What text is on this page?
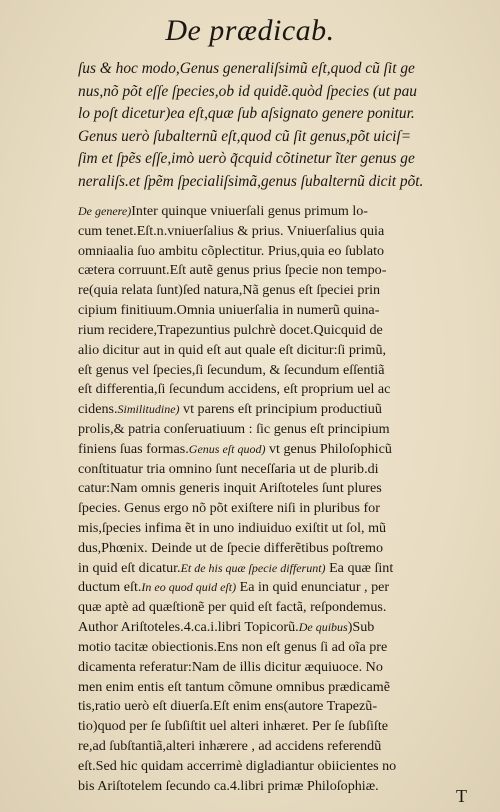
De prædicab.
ſus & hoc modo,Genus generaliſsimũ eſt,quod cũ ſit ge
nus,nõ põt eſſe ſpecies,ob id quidẽ.quòd ſpecies (ut pau
lo poſt dicetur)ea eſt,quæ ſub aſsignato genere ponitur.
Genus uerò ſubalternũ eſt,quod cũ ſit genus,põt uiciſ=
ſim et ſpẽs eſſe,imò uerò q̃cquid cõtinetur ĩter genus ge
neraliſs.et ſpẽm ſpecialiſsimã,genus ſubalternũ dicit põt.
De genere)Inter quinque vniuerſali genus primum lo-
cum tenet.Eſt.n.vniuerſalius & prius. Vniuerſalius quia
omniaalia ſuo ambitu cõplectitur. Prius,quia eo ſublato
cætera corruunt.Eſt autẽ genus prius ſpecie non tempo-
re(quia relata ſunt)ſed natura,Nã genus eſt ſpeciei prin
cipium finitiuum.Omnia uniuerſalia in numerũ quina-
rium recidere,Trapezuntius pulchrè docet.Quicquid de
alio dicitur aut in quid eſt aut quale eſt dicitur:ſi primũ,
eſt genus vel ſpecies,ſi ſecundum, & ſecundum eſſentiã
eſt differentia,ſi ſecundum accidens, eſt proprium uel ac
cidens.Similitudine) vt parens eſt principium productiuũ
prolis,& patria conſeruatiuum : ſic genus eſt principium
finiens ſuas formas.Genus eſt quod) vt genus Philoſophicũ
conſtituatur tria omnino ſunt neceſſaria ut de plurib.di
catur:Nam omnis generis inquit Ariſtoteles ſunt plures
ſpecies. Genus ergo nõ põt exiſtere niſi in pluribus for
mis,ſpecies infima ẽt in uno indiuiduo exiſtit ut ſol, mũ
dus,Phœnix. Deinde ut de ſpecie differẽtibus poſtremo
in quid eſt dicatur.Et de his quæ ſpecie differunt) Ea quæ ſint
ductum eſt.In eo quod quid eſt) Ea in quid enunciatur , per
quæ aptè ad quæſtionẽ per quid eſt factã, reſpondemus.
Author Ariſtoteles.4.ca.i.libri Topicorũ.De quibus)Sub
motio tacitæ obiectionis.Ens non eſt genus ſi ad oĩa pre
dicamenta referatur:Nam de illis dicitur æquiuoce. No
men enim entis eſt tantum cõmune omnibus prædicamẽ
tis,ratio uerò eſt diuerſa.Eſt enim ens(autore Trapezũ-
tio)quod per ſe ſubſiſtit uel alteri inhæret. Per ſe ſubſiſte
re,ad ſubſtantiã,alteri inhærere , ad accidens referendũ
eſt.Sed hic quidam accerrimè digladiantur obiicientes no
bis Ariſtotelem ſecundo ca.4.libri primæ Philoſophiæ.
T
